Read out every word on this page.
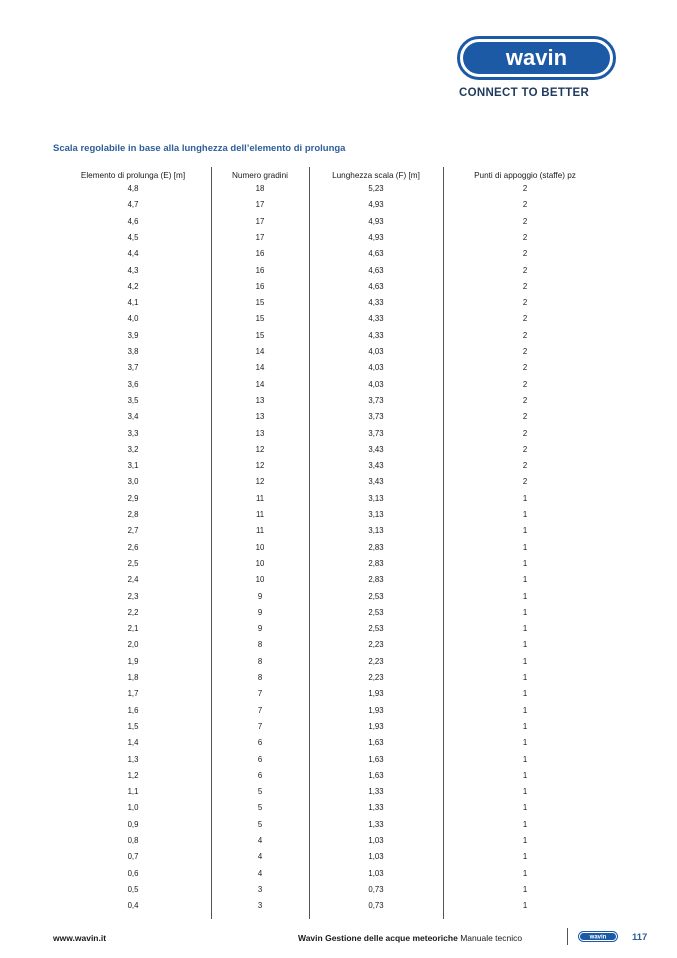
wavin
CONNECT TO BETTER
Scala regolabile in base alla lunghezza dell’elemento di prolunga
Elemento di prolunga (E) [m]	Numero gradini	Lunghezza scala (F) [m]	Punti di appoggio (staffe) pz
4,8	18	5,23	2
4,7	17	4,93	2
4,6	17	4,93	2
4,5	17	4,93	2
4,4	16	4,63	2
4,3	16	4,63	2
4,2	16	4,63	2
4,1	15	4,33	2
4,0	15	4,33	2
3,9	15	4,33	2
3,8	14	4,03	2
3,7	14	4,03	2
3,6	14	4,03	2
3,5	13	3,73	2
3,4	13	3,73	2
3,3	13	3,73	2
3,2	12	3,43	2
3,1	12	3,43	2
3,0	12	3,43	2
2,9	11	3,13	1
2,8	11	3,13	1
2,7	11	3,13	1
2,6	10	2,83	1
2,5	10	2,83	1
2,4	10	2,83	1
2,3	9	2,53	1
2,2	9	2,53	1
2,1	9	2,53	1
2,0	8	2,23	1
1,9	8	2,23	1
1,8	8	2,23	1
1,7	7	1,93	1
1,6	7	1,93	1
1,5	7	1,93	1
1,4	6	1,63	1
1,3	6	1,63	1
1,2	6	1,63	1
1,1	5	1,33	1
1,0	5	1,33	1
0,9	5	1,33	1
0,8	4	1,03	1
0,7	4	1,03	1
0,6	4	1,03	1
0,5	3	0,73	1
0,4	3	0,73	1
www.wavin.it	Wavin Gestione delle acque meteoriche Manuale tecnico	wavin	117
